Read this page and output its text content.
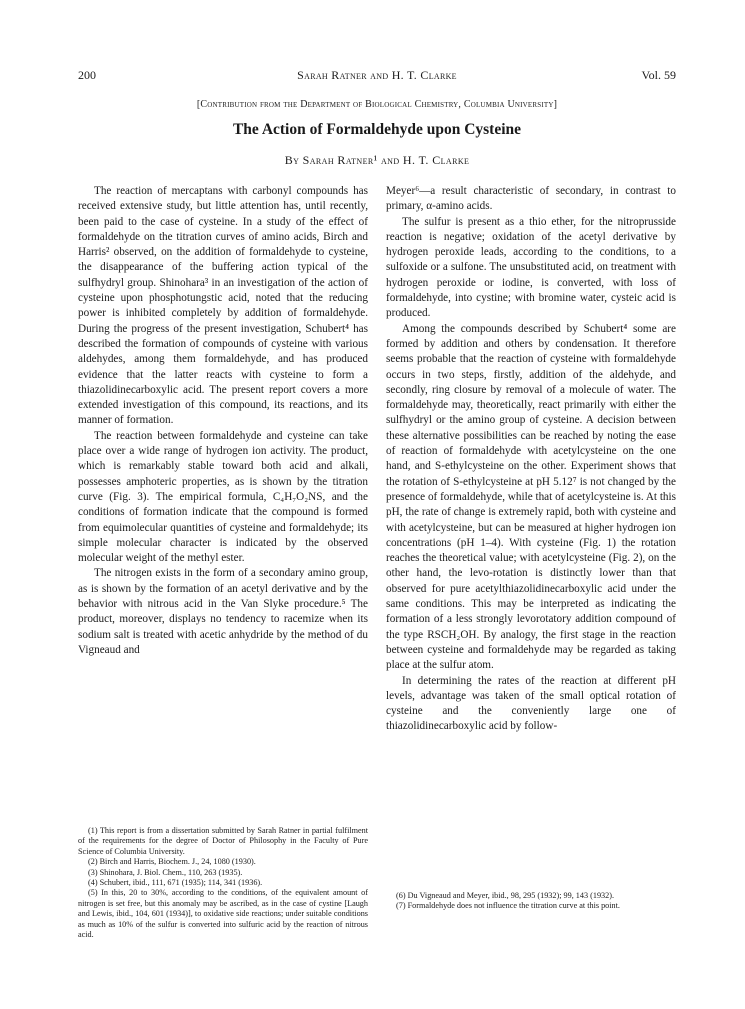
200	Sarah Ratner and H. T. Clarke	Vol. 59
[Contribution from the Department of Biological Chemistry, Columbia University]
The Action of Formaldehyde upon Cysteine
By Sarah Ratner¹ and H. T. Clarke

The reaction of mercaptans with carbonyl compounds has received extensive study, but little attention has, until recently, been paid to the case of cysteine. In a study of the effect of formaldehyde on the titration curves of amino acids, Birch and Harris² observed, on the addition of formaldehyde to cysteine, the disappearance of the buffering action typical of the sulfhydryl group. Shinohara³ in an investigation of the action of cysteine upon phosphotungstic acid, noted that the reducing power is inhibited completely by addition of formaldehyde. During the progress of the present investigation, Schubert⁴ has described the formation of compounds of cysteine with various aldehydes, among them formaldehyde, and has produced evidence that the latter reacts with cysteine to form a thiazolidinecarboxylic acid. The present report covers a more extended investigation of this compound, its reactions, and its manner of formation.

The reaction between formaldehyde and cysteine can take place over a wide range of hydrogen ion activity. The product, which is remarkably stable toward both acid and alkali, possesses amphoteric properties, as is shown by the titration curve (Fig. 3). The empirical formula, C₄H₇O₂NS, and the conditions of formation indicate that the compound is formed from equimolecular quantities of cysteine and formaldehyde; its simple molecular character is indicated by the observed molecular weight of the methyl ester.

The nitrogen exists in the form of a secondary amino group, as is shown by the formation of an acetyl derivative and by the behavior with nitrous acid in the Van Slyke procedure.⁵ The product, moreover, displays no tendency to racemize when its sodium salt is treated with acetic anhydride by the method of du Vigneaud and

Meyer⁶—a result characteristic of secondary, in contrast to primary, α-amino acids.

The sulfur is present as a thio ether, for the nitroprusside reaction is negative; oxidation of the acetyl derivative by hydrogen peroxide leads, according to the conditions, to a sulfoxide or a sulfone. The unsubstituted acid, on treatment with hydrogen peroxide or iodine, is converted, with loss of formaldehyde, into cystine; with bromine water, cysteic acid is produced.

Among the compounds described by Schubert⁴ some are formed by addition and others by condensation. It therefore seems probable that the reaction of cysteine with formaldehyde occurs in two steps, firstly, addition of the aldehyde, and secondly, ring closure by removal of a molecule of water. The formaldehyde may, theoretically, react primarily with either the sulfhydryl or the amino group of cysteine. A decision between these alternative possibilities can be reached by noting the ease of reaction of formaldehyde with acetylcysteine on the one hand, and S-ethylcysteine on the other. Experiment shows that the rotation of S-ethylcysteine at pH 5.12⁷ is not changed by the presence of formaldehyde, while that of acetylcysteine is. At this pH, the rate of change is extremely rapid, both with cysteine and with acetylcysteine, but can be measured at higher hydrogen ion concentrations (pH 1–4). With cysteine (Fig. 1) the rotation reaches the theoretical value; with acetylcysteine (Fig. 2), on the other hand, the levo-rotation is distinctly lower than that observed for pure acetylthiazolidinecarboxylic acid under the same conditions. This may be interpreted as indicating the formation of a less strongly levorotatory addition compound of the type RSCH₂OH. By analogy, the first stage in the reaction between cysteine and formaldehyde may be regarded as taking place at the sulfur atom.

In determining the rates of the reaction at different pH levels, advantage was taken of the small optical rotation of cysteine and the conveniently large one of thiazolidinecarboxylic acid by follow-

(1) This report is from a dissertation submitted by Sarah Ratner in partial fulfilment of the requirements for the degree of Doctor of Philosophy in the Faculty of Pure Science of Columbia University.
(2) Birch and Harris, Biochem. J., 24, 1080 (1930).
(3) Shinohara, J. Biol. Chem., 110, 263 (1935).
(4) Schubert, ibid., 111, 671 (1935); 114, 341 (1936).
(5) In this, 20 to 30%, according to the conditions, of the equivalent amount of nitrogen is set free, but this anomaly may be ascribed, as in the case of cystine [Laugh and Lewis, ibid., 104, 601 (1934)], to oxidative side reactions; under suitable conditions as much as 10% of the sulfur is converted into sulfuric acid by the reaction of nitrous acid.
(6) Du Vigneaud and Meyer, ibid., 98, 295 (1932); 99, 143 (1932).
(7) Formaldehyde does not influence the titration curve at this point.
